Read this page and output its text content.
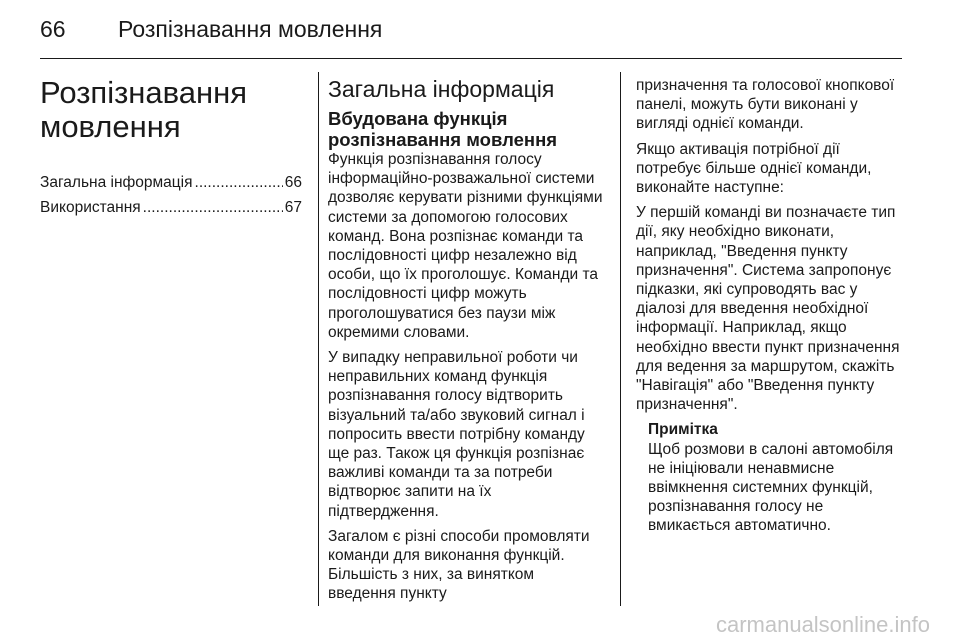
66 Розпізнавання мовлення
Розпізнавання мовлення
Загальна інформація .....	66
Використання .....	67
Загальна інформація
Вбудована функція розпізнавання мовлення

Функція розпізнавання голосу інформаційно-розважальної системи дозволяє керувати різними функціями системи за допомогою голосових команд. Вона розпізнає команди та послідовності цифр незалежно від особи, що їх проголошує. Команди та послідовності цифр можуть проголошуватися без паузи між окремими словами.

У випадку неправильної роботи чи неправильних команд функція розпізнавання голосу відтворить візуальний та/або звуковий сигнал і попросить ввести потрібну команду ще раз. Також ця функція розпізнає важливі команди та за потреби відтворює запити на їх підтвердження.

Загалом є різні способи промовляти команди для виконання функцій. Більшість з них, за винятком введення пункту

призначення та голосової кнопкової панелі, можуть бути виконані у вигляді однієї команди.

Якщо активація потрібної дії потребує більше однієї команди, виконайте наступне:

У першій команді ви позначаєте тип дії, яку необхідно виконати, наприклад, "Введення пункту призначення". Система запропонує підказки, які супроводять вас у діалозі для введення необхідної інформації. Наприклад, якщо необхідно ввести пункт призначення для ведення за маршрутом, скажіть "Навігація" або "Введення пункту призначення".

Примітка
Щоб розмови в салоні автомобіля не ініціювали ненавмисне ввімкнення системних функцій, розпізнавання голосу не вмикається автоматично.
carmanualsonline.info
